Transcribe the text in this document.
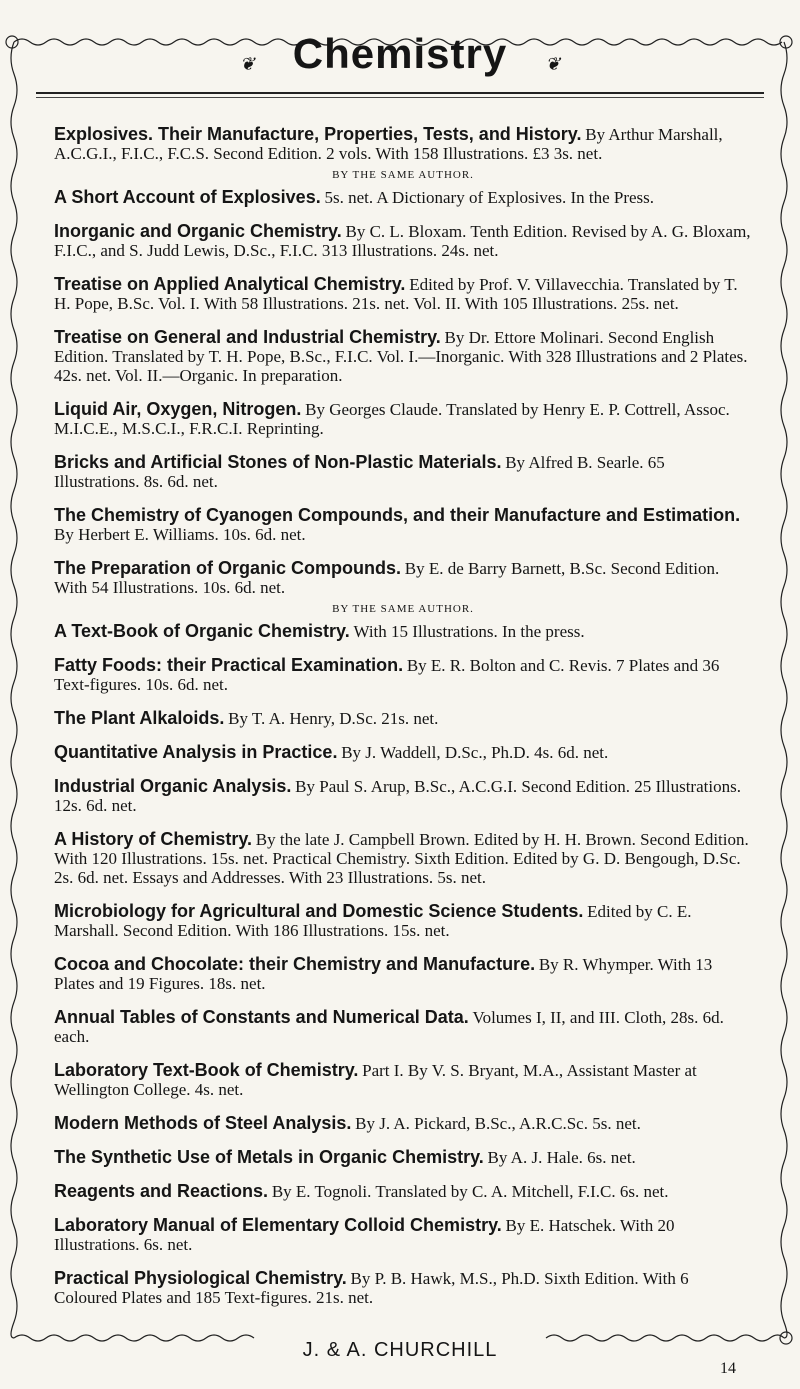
❦ Chemistry ❦
Explosives. Their Manufacture, Properties, Tests, and History. By Arthur Marshall, A.C.G.I., F.I.C., F.C.S. Second Edition. 2 vols. With 158 Illustrations. £3 3s. net.
BY THE SAME AUTHOR.
A Short Account of Explosives. 5s. net. A Dictionary of Explosives. In the Press.
Inorganic and Organic Chemistry. By C. L. Bloxam. Tenth Edition. Revised by A. G. Bloxam, F.I.C., and S. Judd Lewis, D.Sc., F.I.C. 313 Illustrations. 24s. net.
Treatise on Applied Analytical Chemistry. Edited by Prof. V. Villavecchia. Translated by T. H. Pope, B.Sc. Vol. I. With 58 Illustrations. 21s. net. Vol. II. With 105 Illustrations. 25s. net.
Treatise on General and Industrial Chemistry. By Dr. Ettore Molinari. Second English Edition. Translated by T. H. Pope, B.Sc., F.I.C. Vol. I.—Inorganic. With 328 Illustrations and 2 Plates. 42s. net. Vol. II.—Organic. In preparation.
Liquid Air, Oxygen, Nitrogen. By Georges Claude. Translated by Henry E. P. Cottrell, Assoc. M.I.C.E., M.S.C.I., F.R.C.I. Reprinting.
Bricks and Artificial Stones of Non-Plastic Materials. By Alfred B. Searle. 65 Illustrations. 8s. 6d. net.
The Chemistry of Cyanogen Compounds, and their Manufacture and Estimation. By Herbert E. Williams. 10s. 6d. net.
The Preparation of Organic Compounds. By E. de Barry Barnett, B.Sc. Second Edition. With 54 Illustrations. 10s. 6d. net.
BY THE SAME AUTHOR.
A Text-Book of Organic Chemistry. With 15 Illustrations. In the press.
Fatty Foods: their Practical Examination. By E. R. Bolton and C. Revis. 7 Plates and 36 Text-figures. 10s. 6d. net.
The Plant Alkaloids. By T. A. Henry, D.Sc. 21s. net.
Quantitative Analysis in Practice. By J. Waddell, D.Sc., Ph.D. 4s. 6d. net.
Industrial Organic Analysis. By Paul S. Arup, B.Sc., A.C.G.I. Second Edition. 25 Illustrations. 12s. 6d. net.
A History of Chemistry. By the late J. Campbell Brown. Edited by H. H. Brown. Second Edition. With 120 Illustrations. 15s. net. Practical Chemistry. Sixth Edition. Edited by G. D. Bengough, D.Sc. 2s. 6d. net. Essays and Addresses. With 23 Illustrations. 5s. net.
Microbiology for Agricultural and Domestic Science Students. Edited by C. E. Marshall. Second Edition. With 186 Illustrations. 15s. net.
Cocoa and Chocolate: their Chemistry and Manufacture. By R. Whymper. With 13 Plates and 19 Figures. 18s. net.
Annual Tables of Constants and Numerical Data. Volumes I, II, and III. Cloth, 28s. 6d. each.
Laboratory Text-Book of Chemistry. Part I. By V. S. Bryant, M.A., Assistant Master at Wellington College. 4s. net.
Modern Methods of Steel Analysis. By J. A. Pickard, B.Sc., A.R.C.Sc. 5s. net.
The Synthetic Use of Metals in Organic Chemistry. By A. J. Hale. 6s. net.
Reagents and Reactions. By E. Tognoli. Translated by C. A. Mitchell, F.I.C. 6s. net.
Laboratory Manual of Elementary Colloid Chemistry. By E. Hatschek. With 20 Illustrations. 6s. net.
Practical Physiological Chemistry. By P. B. Hawk, M.S., Ph.D. Sixth Edition. With 6 Coloured Plates and 185 Text-figures. 21s. net.
J. & A. CHURCHILL
14
